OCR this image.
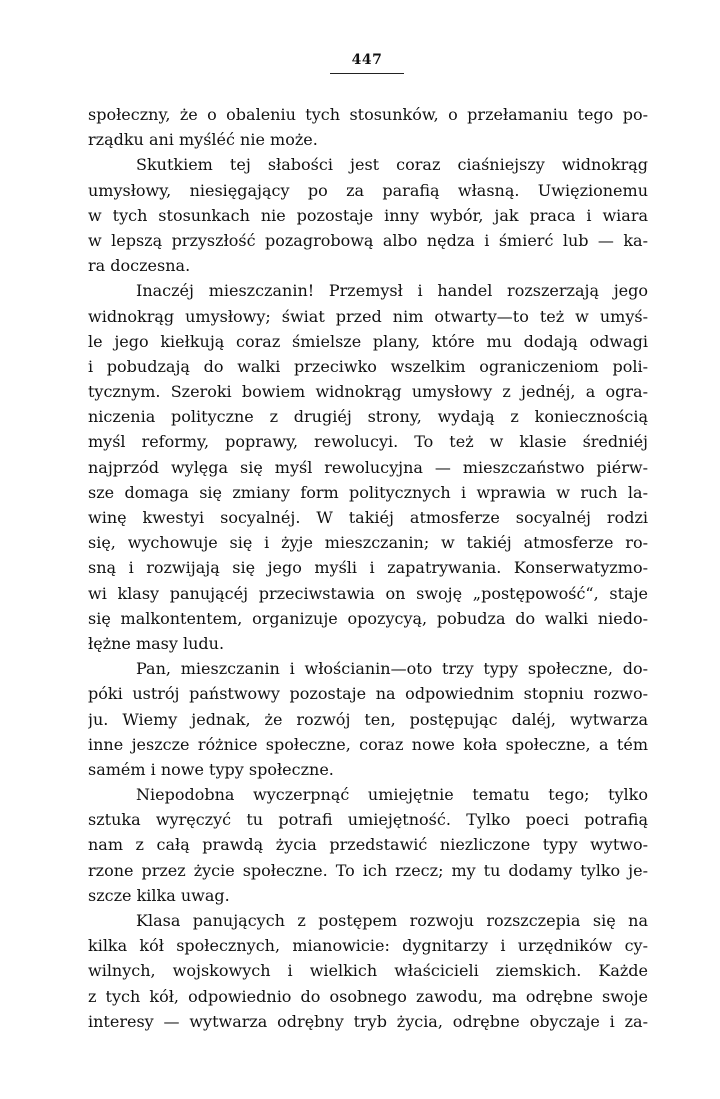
447
społeczny, że o obaleniu tych stosunków, o przełamaniu tego po-
rządku ani myśléć nie może.
Skutkiem tej słabości jest coraz ciaśniejszy widnokrąg
umysłowy, niesięgający po za parafią własną. Uwięzionemu
w tych stosunkach nie pozostaje inny wybór, jak praca i wiara
w lepszą przyszłość pozagrobową albo nędza i śmierć lub — ka-
ra doczesna.
Inaczéj mieszczanin! Przemysł i handel rozszerzają jego
widnokrąg umysłowy; świat przed nim otwarty—to też w umyś-
le jego kiełkują coraz śmielsze plany, które mu dodają odwagi
i pobudzają do walki przeciwko wszelkim ograniczeniom poli-
tycznym. Szeroki bowiem widnokrąg umysłowy z jednéj, a ogra-
niczenia polityczne z drugiéj strony, wydają z koniecznością
myśl reformy, poprawy, rewolucyi. To też w klasie średniéj
najprzód wylęga się myśl rewolucyjna — mieszczaństwo piérw-
sze domaga się zmiany form politycznych i wprawia w ruch la-
winę kwestyi socyalnéj. W takiéj atmosferze socyalnéj rodzi
się, wychowuje się i żyje mieszczanin; w takiéj atmosferze ro-
sną i rozwijają się jego myśli i zapatrywania. Konserwatyzmo-
wi klasy panującéj przeciwstawia on swoję „postępowość“, staje
się malkontentem, organizuje opozycyą, pobudza do walki niedo-
łężne masy ludu.
Pan, mieszczanin i włościanin—oto trzy typy społeczne, do-
póki ustrój państwowy pozostaje na odpowiednim stopniu rozwo-
ju. Wiemy jednak, że rozwój ten, postępując daléj, wytwarza
inne jeszcze różnice społeczne, coraz nowe koła społeczne, a tém
samém i nowe typy społeczne.
Niepodobna wyczerpnąć umiejętnie tematu tego; tylko
sztuka wyręczyć tu potrafi umiejętność. Tylko poeci potrafią
nam z całą prawdą życia przedstawić niezliczone typy wytwo-
rzone przez życie społeczne. To ich rzecz; my tu dodamy tylko je-
szcze kilka uwag.
Klasa panujących z postępem rozwoju rozszczepia się na
kilka kół społecznych, mianowicie: dygnitarzy i urzędników cy-
wilnych, wojskowych i wielkich właścicieli ziemskich. Każde
z tych kół, odpowiednio do osobnego zawodu, ma odrębne swoje
interesy — wytwarza odrębny tryb życia, odrębne obyczaje i za-
